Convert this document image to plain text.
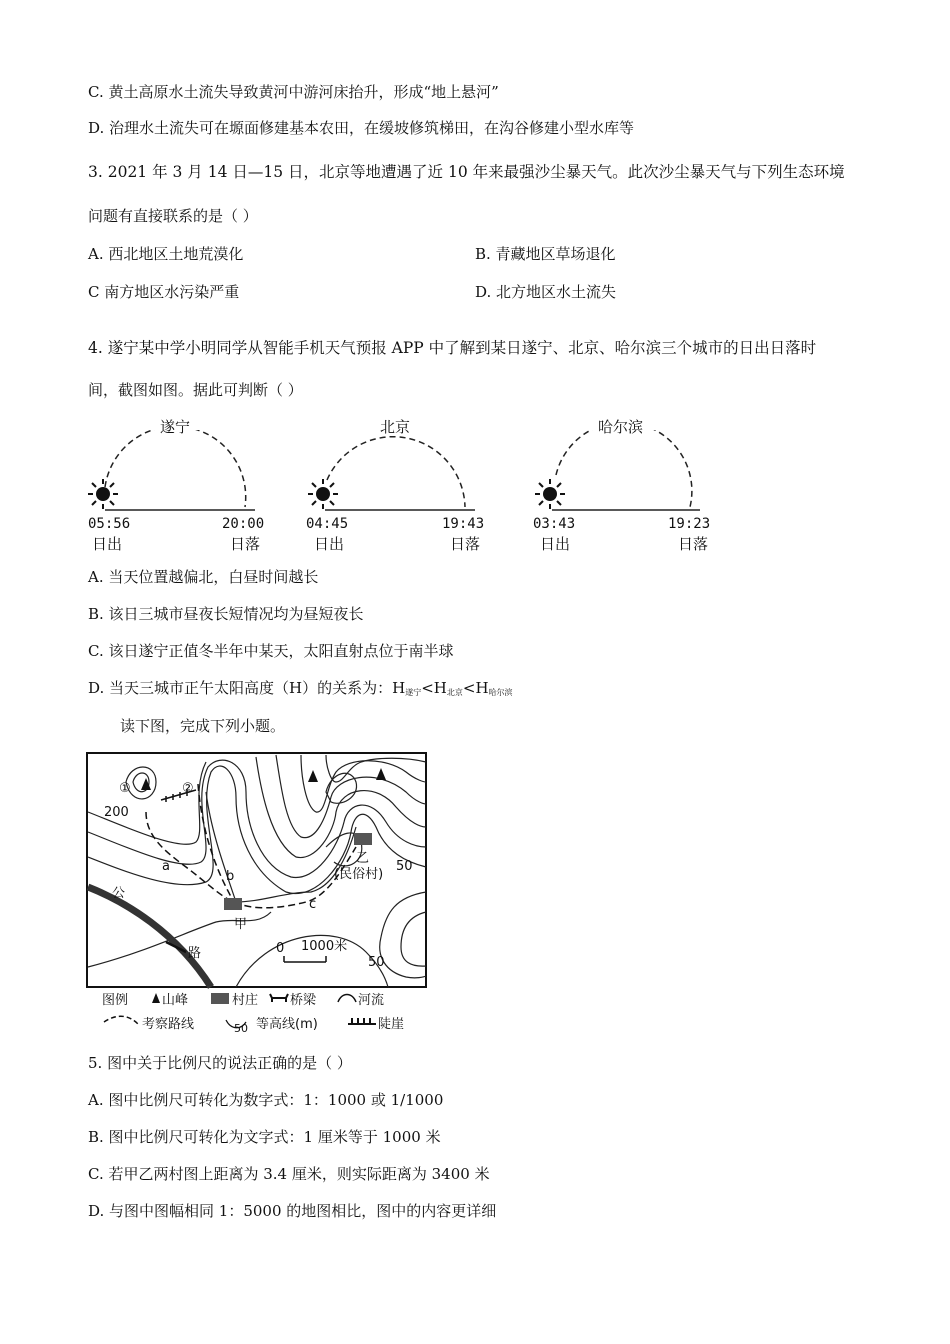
C. 黄土高原水土流失导致黄河中游河床抬升，形成“地上悬河”
D. 治理水土流失可在塬面修建基本农田，在缓坡修筑梯田，在沟谷修建小型水库等
3. 2021 年 3 月 14 日—15 日，北京等地遭遇了近 10 年来最强沙尘暴天气。此次沙尘暴天气与下列生态环境
问题有直接联系的是（ ）
A. 西北地区土地荒漠化	B. 青藏地区草场退化
C 南方地区水污染严重	D. 北方地区水土流失
4. 遂宁某中学小明同学从智能手机天气预报 APP 中了解到某日遂宁、北京、哈尔滨三个城市的日出日落时
间，截图如图。据此可判断（ ）
遂宁
05:56	20:00
日出	日落
北京
04:45	19:43
日出	日落
哈尔滨
03:43	19:23
日出	日落
A. 当天位置越偏北，白昼时间越长
B. 该日三城市昼夜长短情况均为昼短夜长
C. 该日遂宁正值冬半年中某天，太阳直射点位于南半球
D. 当天三城市正午太阳高度（H）的关系为：$H_{遂宁}<H_{北京}<H_{哈尔滨}$
读下图，完成下列小题。
①	②
200
50
50
a
b
c
甲
乙
(民俗村)
公
路	0 1000米
图例	山峰	村庄 桥梁	河流
考察路线	50 等高线(m)	陡崖
5. 图中关于比例尺的说法正确的是（ ）
A. 图中比例尺可转化为数字式：1：1000 或 1/1000
B. 图中比例尺可转化为文字式：1 厘米等于 1000 米
C. 若甲乙两村图上距离为 3.4 厘米，则实际距离为 3400 米
D. 与图中图幅相同 1：5000 的地图相比，图中的内容更详细
